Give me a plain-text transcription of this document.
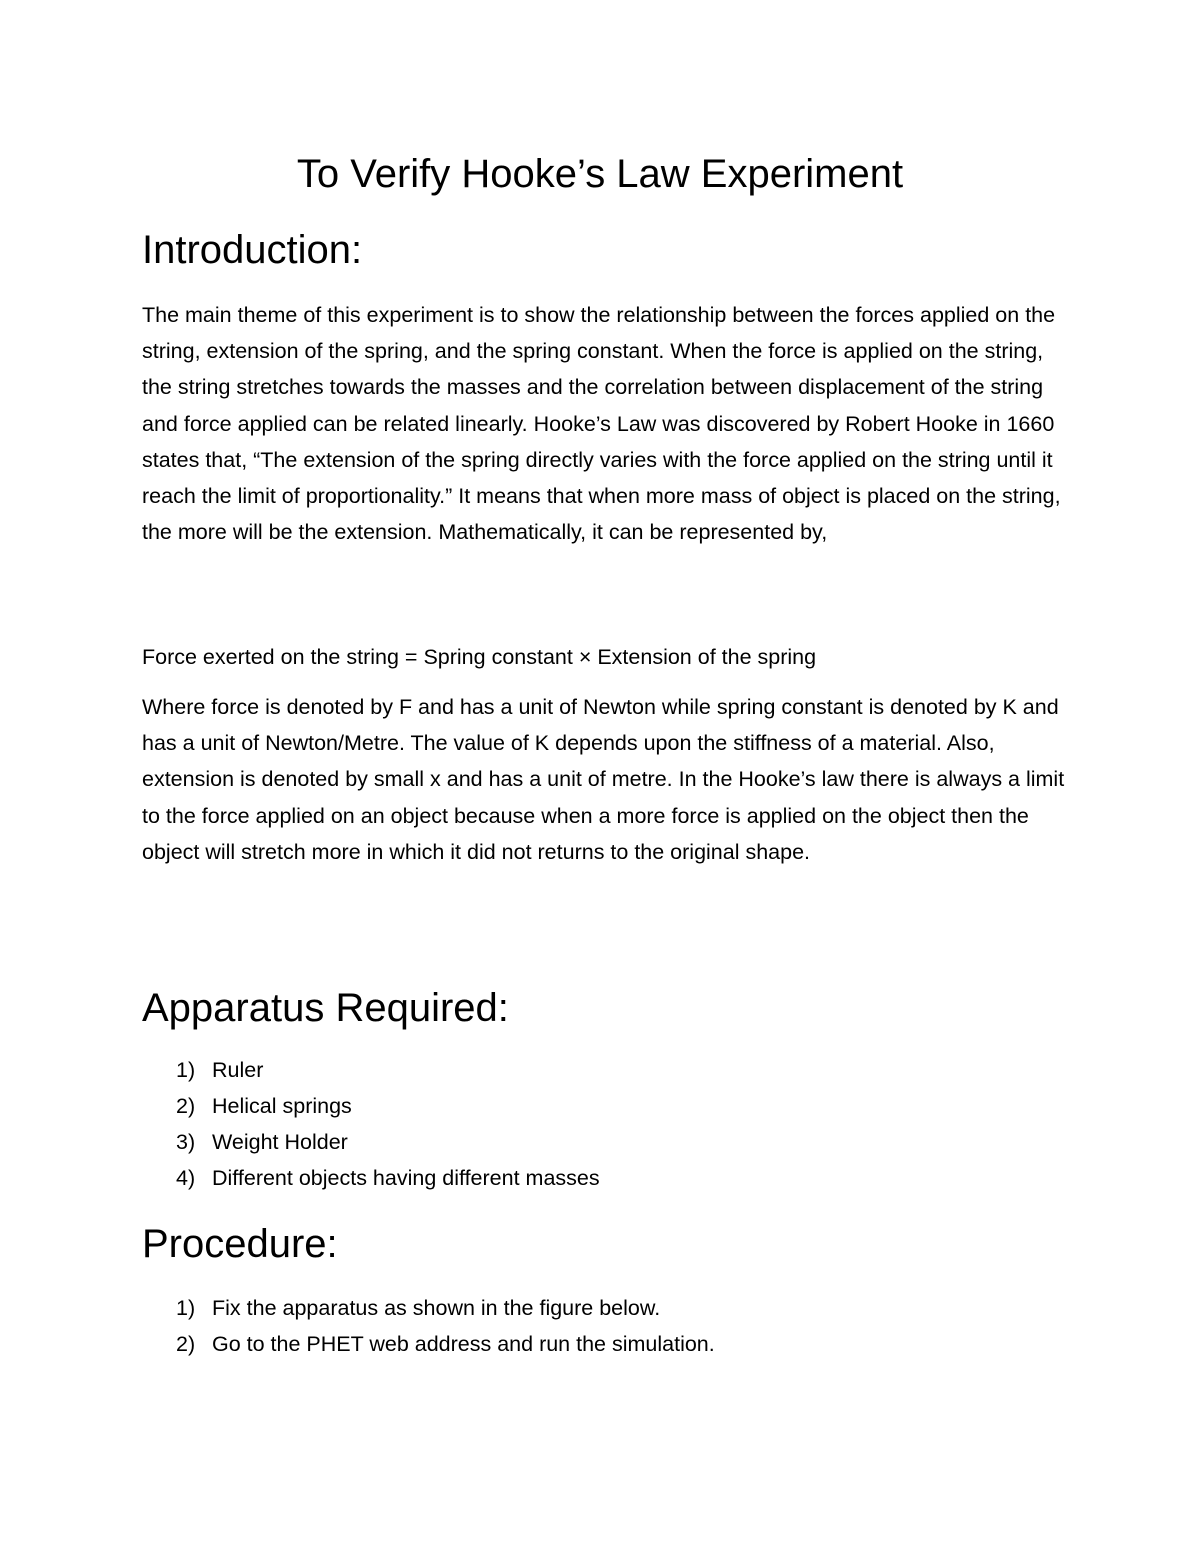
To Verify Hooke’s Law Experiment
Introduction:

The main theme of this experiment is to show the relationship between the forces applied on the string, extension of the spring, and the spring constant. When the force is applied on the string, the string stretches towards the masses and the correlation between displacement of the string and force applied can be related linearly. Hooke’s Law was discovered by Robert Hooke in 1660 states that, “The extension of the spring directly varies with the force applied on the string until it reach the limit of proportionality.” It means that when more mass of object is placed on the string, the more will be the extension. Mathematically, it can be represented by,

Force exerted on the string = Spring constant × Extension of the spring

Where force is denoted by F and has a unit of Newton while spring constant is denoted by K and has a unit of Newton/Metre. The value of K depends upon the stiffness of a material. Also, extension is denoted by small x and has a unit of metre. In the Hooke’s law there is always a limit to the force applied on an object because when a more force is applied on the object then the object will stretch more in which it did not returns to the original shape.

Apparatus Required:
1) Ruler
2) Helical springs
3) Weight Holder
4) Different objects having different masses
Procedure:
1) Fix the apparatus as shown in the figure below.
2) Go to the PHET web address and run the simulation.
